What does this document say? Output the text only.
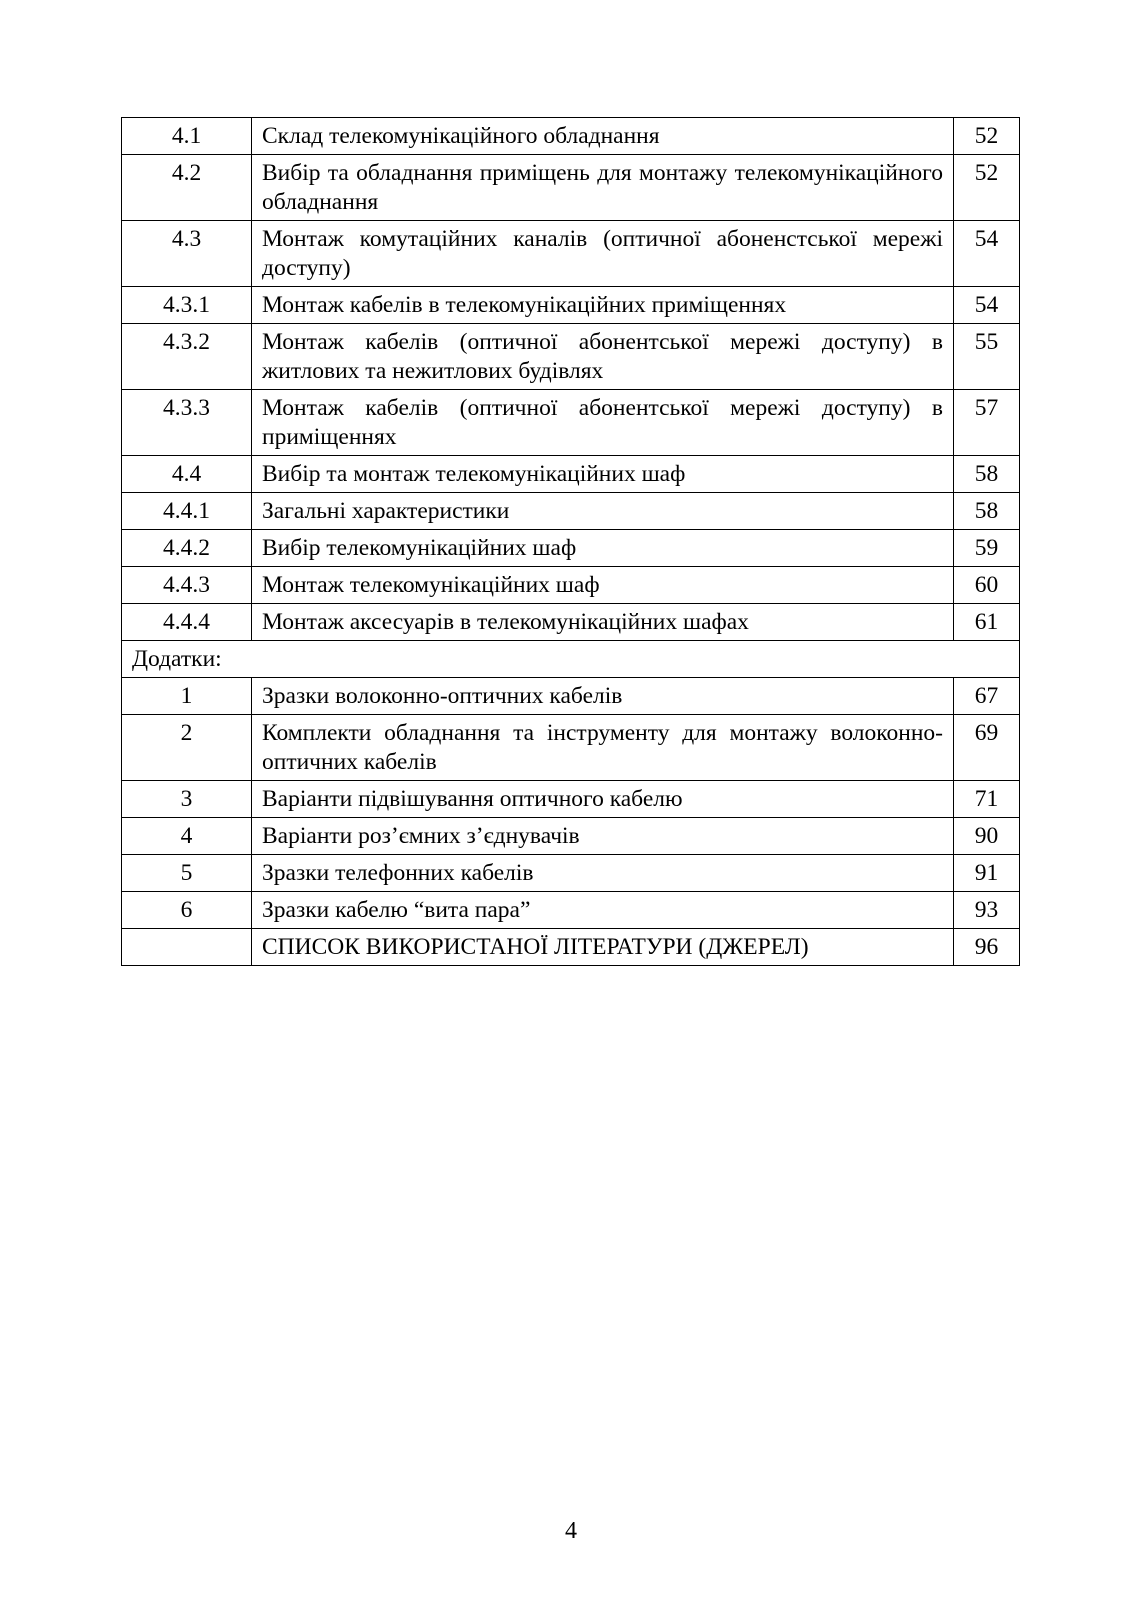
4.1	Склад телекомунікаційного обладнання	52
4.2	Вибір та обладнання приміщень для монтажу телекомунікаційного обладнання	52
4.3	Монтаж комутаційних каналів (оптичної абоненстської мережі доступу)	54
4.3.1	Монтаж кабелів в телекомунікаційних приміщеннях	54
4.3.2	Монтаж кабелів (оптичної абонентської мережі доступу) в житлових та нежитлових будівлях	55
4.3.3	Монтаж кабелів (оптичної абонентської мережі доступу) в приміщеннях	57
4.4	Вибір та монтаж телекомунікаційних шаф	58
4.4.1	Загальні характеристики	58
4.4.2	Вибір телекомунікаційних шаф	59
4.4.3	Монтаж телекомунікаційних шаф	60
4.4.4	Монтаж аксесуарів в телекомунікаційних шафах	61
Додатки:		
1	Зразки волоконно-оптичних кабелів	67
2	Комплекти обладнання та інструменту для монтажу волоконно-оптичних кабелів	69
3	Варіанти підвішування оптичного кабелю	71
4	Варіанти роз’ємних з’єднувачів	90
5	Зразки телефонних кабелів	91
6	Зразки кабелю “вита пара”	93
	СПИСОК ВИКОРИСТАНОЇ ЛІТЕРАТУРИ (ДЖЕРЕЛ)	96
4
